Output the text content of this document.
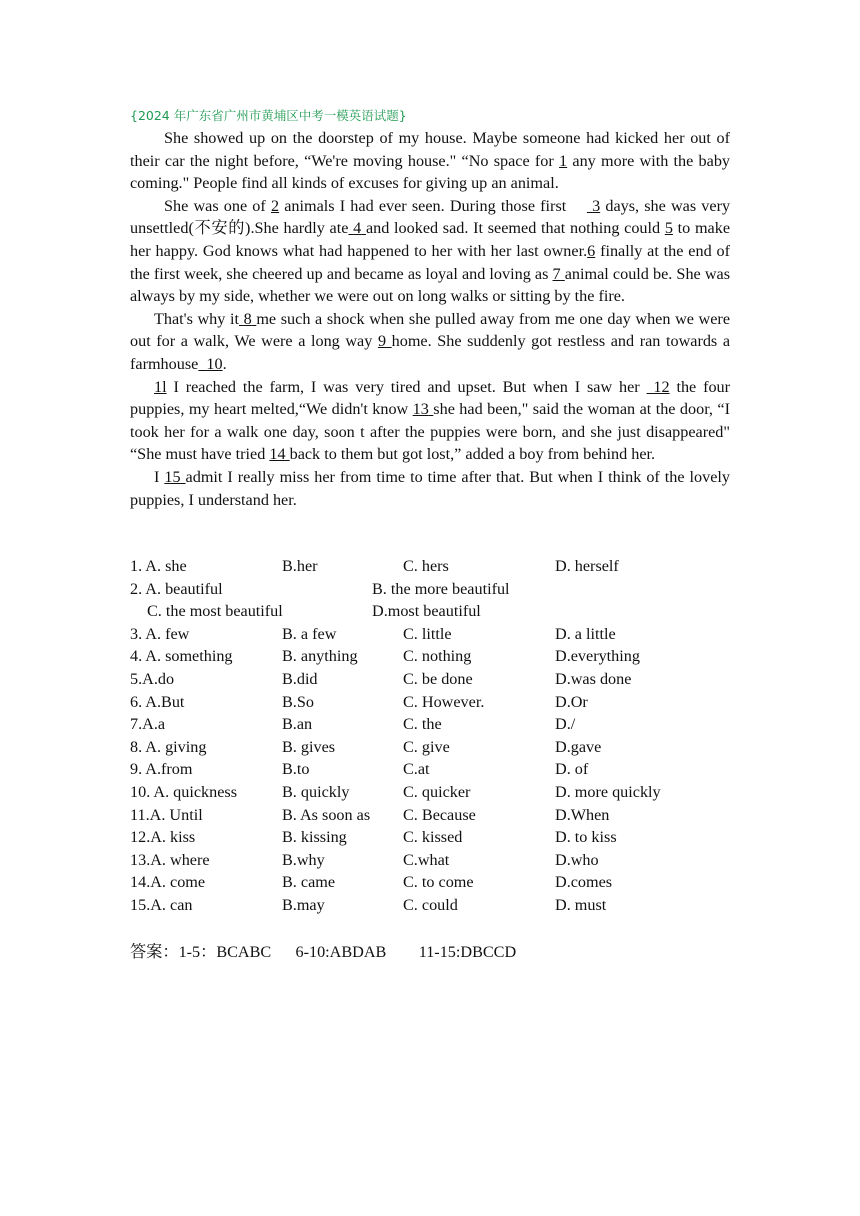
{2024 年广东省广州市黄埔区中考一模英语试题}

She showed up on the doorstep of my house. Maybe someone had kicked her out of their car the night before, “We're moving house." “No space for 1 any more with the baby coming." People find all kinds of excuses for giving up an animal.

She was one of 2 animals I had ever seen. During those first 3 days, she was very unsettled(不安的).She hardly ate 4 and looked sad. It seemed that nothing could 5 to make her happy. God knows what had happened to her with her last owner.6 finally at the end of the first week, she cheered up and became as loyal and loving as 7 animal could be. She was always by my side, whether we were out on long walks or sitting by the fire.

That's why it 8 me such a shock when she pulled away from me one day when we were out for a walk, We were a long way 9 home. She suddenly got restless and ran towards a farmhouse 10.

1l I reached the farm, I was very tired and upset. But when I saw her 12 the four puppies, my heart melted,“We didn't know 13 she had been," said the woman at the door, “I took her for a walk one day, soon t after the puppies were born, and she just disappeared" “She must have tried 14 back to them but got lost,” added a boy from behind her.

I 15 admit I really miss her from time to time after that. But when I think of the lovely puppies, I understand her.

1. A. she	B.her	C. hers	D. herself
2. A. beautiful	B. the more beautiful
C. the most beautiful	D.most beautiful
3. A. few	B. a few	C. little	D. a little
4. A. something	B. anything	C. nothing	D.everything
5.A.do	B.did	C. be done	D.was done
6. A.But	B.So	C. However.	D.Or
7.A.a	B.an	C. the	D./
8. A. giving	B. gives	C. give	D.gave
9. A.from	B.to	C.at	D. of
10. A. quickness	B. quickly	C. quicker	D. more quickly
11.A. Until	B. As soon as C. Because	D.When
12.A. kiss	B. kissing	C. kissed	D. to kiss
13.A. where	B.why	C.what	D.who
14.A. come	B. came	C. to come	D.comes
15.A. can	B.may	C. could	D. must
答案：1-5：BCABC 6-10:ABDAB 11-15:DBCCD
